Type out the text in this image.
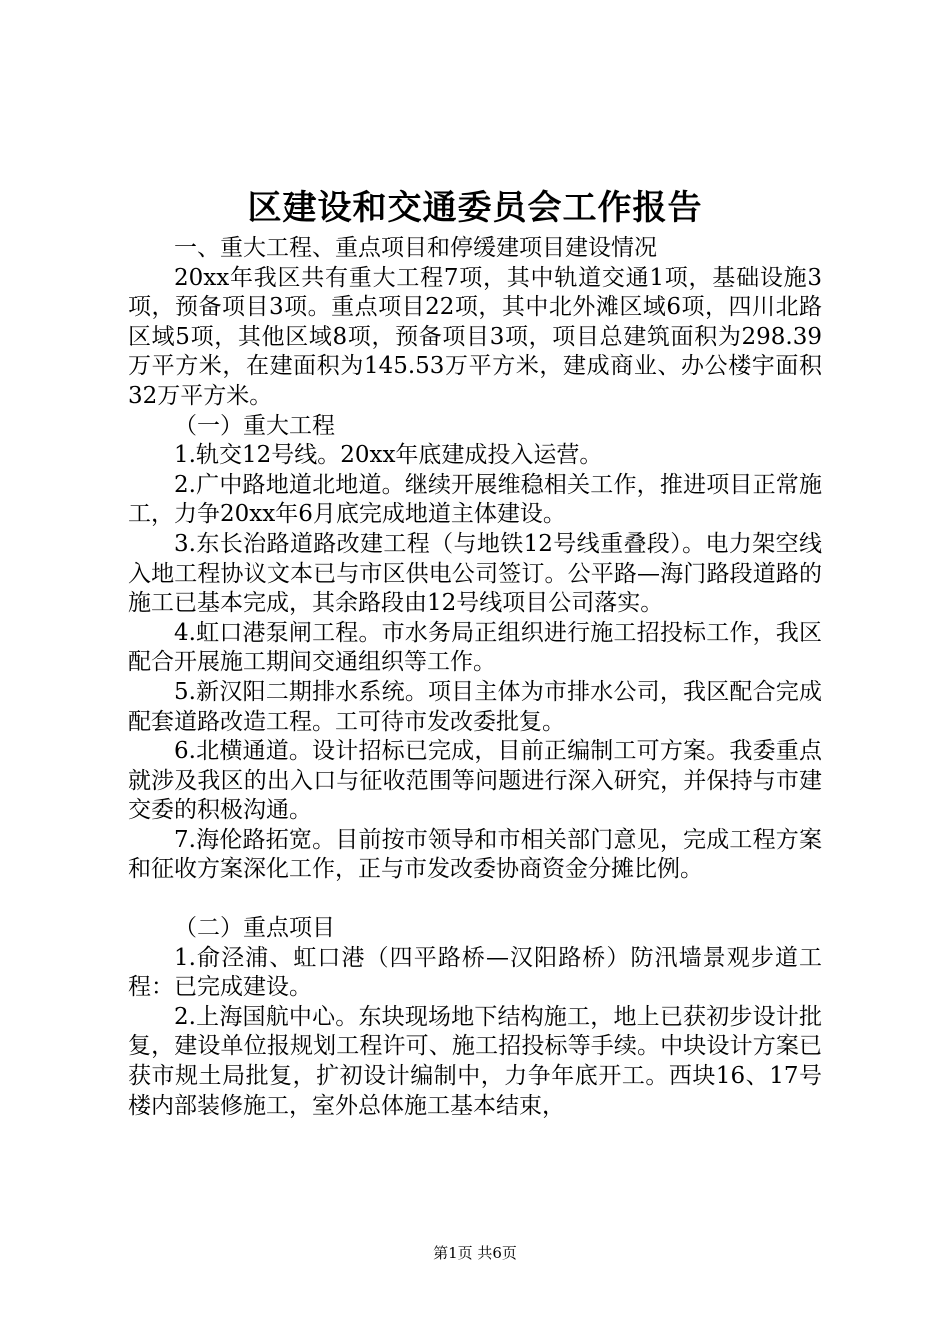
区建设和交通委员会工作报告

一、重大工程、重点项目和停缓建项目建设情况

20xx年我区共有重大工程7项，其中轨道交通1项，基础设施3项，预备项目3项。重点项目22项，其中北外滩区域6项，四川北路区域5项，其他区域8项，预备项目3项，项目总建筑面积为298.39万平方米，在建面积为145.53万平方米，建成商业、办公楼宇面积32万平方米。

（一）重大工程

1.轨交12号线。20xx年底建成投入运营。

2.广中路地道北地道。继续开展维稳相关工作，推进项目正常施工，力争20xx年6月底完成地道主体建设。

3.东长治路道路改建工程（与地铁12号线重叠段）。电力架空线入地工程协议文本已与市区供电公司签订。公平路—海门路段道路的施工已基本完成，其余路段由12号线项目公司落实。

4.虹口港泵闸工程。市水务局正组织进行施工招投标工作，我区配合开展施工期间交通组织等工作。

5.新汉阳二期排水系统。项目主体为市排水公司，我区配合完成配套道路改造工程。工可待市发改委批复。

6.北横通道。设计招标已完成，目前正编制工可方案。我委重点就涉及我区的出入口与征收范围等问题进行深入研究，并保持与市建交委的积极沟通。

7.海伦路拓宽。目前按市领导和市相关部门意见，完成工程方案和征收方案深化工作，正与市发改委协商资金分摊比例。

（二）重点项目

1.俞泾浦、虹口港（四平路桥—汉阳路桥）防汛墙景观步道工程：已完成建设。

2.上海国航中心。东块现场地下结构施工，地上已获初步设计批复，建设单位报规划工程许可、施工招投标等手续。中块设计方案已获市规土局批复，扩初设计编制中，力争年底开工。西块16、17号楼内部装修施工，室外总体施工基本结束，

第1页 共6页
